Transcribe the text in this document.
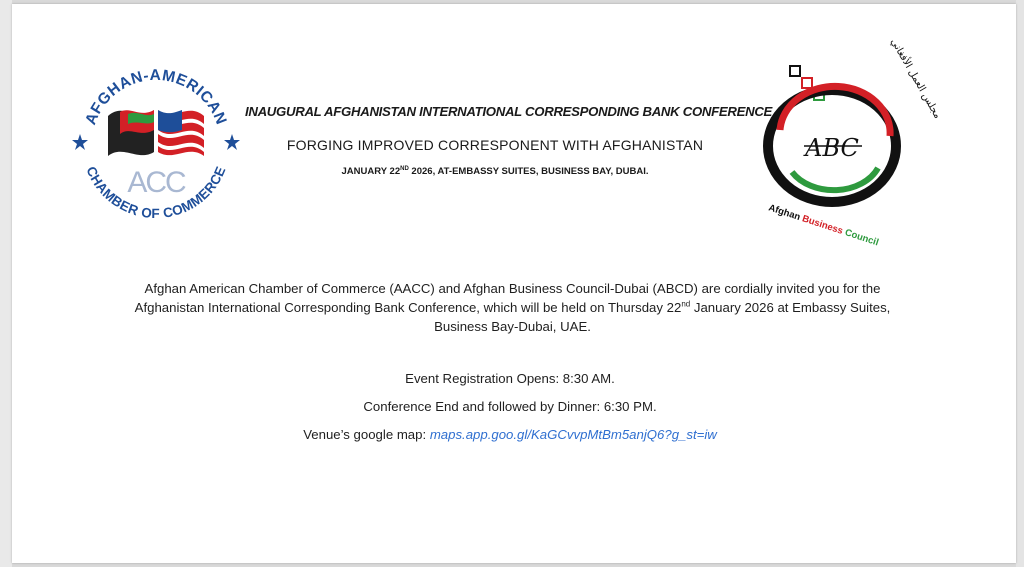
AFGHAN-AMERICAN
CHAMBER OF COMMERCE
ACC
ABC
مجلس العمل الأفغاني
Afghan Business Council
INAUGURAL AFGHANISTAN INTERNATIONAL CORRESPONDING BANK CONFERENCE
FORGING IMPROVED CORRESPONENT WITH AFGHANISTAN
JANUARY 22ND 2026, AT-EMBASSY SUITES, BUSINESS BAY, DUBAI.
Afghan American Chamber of Commerce (AACC) and Afghan Business Council-Dubai (ABCD) are cordially invited you for the Afghanistan International Corresponding Bank Conference, which will be held on Thursday 22nd January 2026 at Embassy Suites, Business Bay-Dubai, UAE.
Event Registration Opens: 8:30 AM.
Conference End and followed by Dinner: 6:30 PM.
Venue’s google map: maps.app.goo.gl/KaGCvvpMtBm5anjQ6?g_st=iw
